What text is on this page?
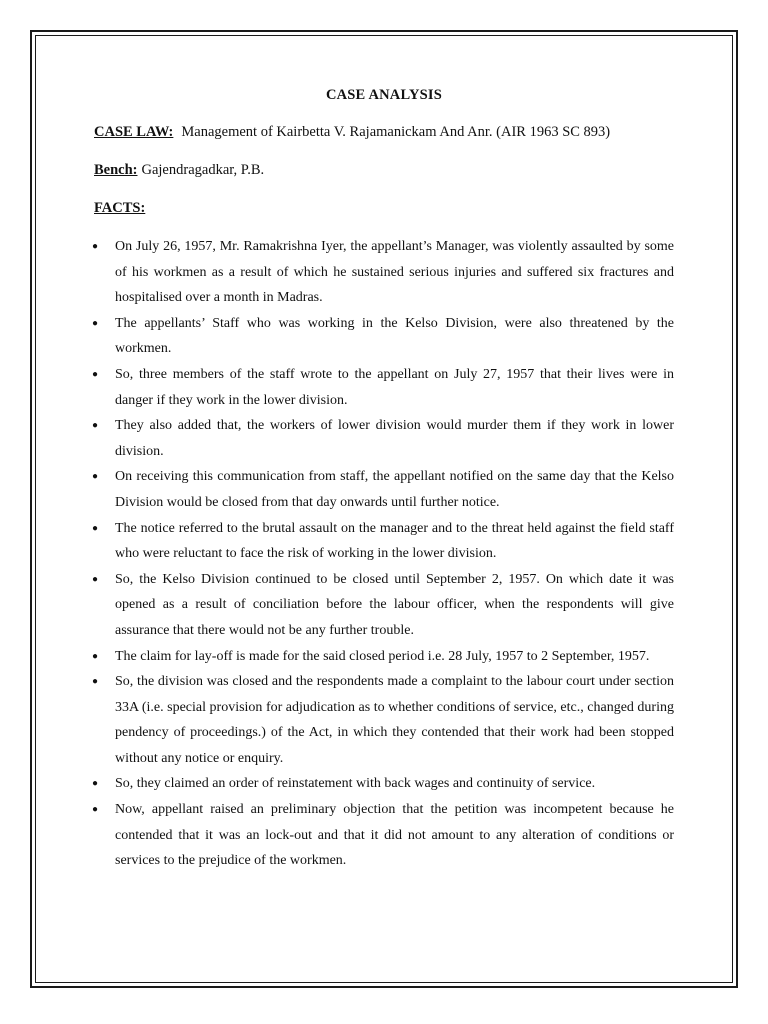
CASE ANALYSIS
CASE LAW: Management of Kairbetta V. Rajamanickam And Anr. (AIR 1963 SC 893)
Bench: Gajendragadkar, P.B.
FACTS:
● On July 26, 1957, Mr. Ramakrishna Iyer, the appellant’s Manager, was violently assaulted by some of his workmen as a result of which he sustained serious injuries and suffered six fractures and hospitalised over a month in Madras.
● The appellants’ Staff who was working in the Kelso Division, were also threatened by the workmen.
● So, three members of the staff wrote to the appellant on July 27, 1957 that their lives were in danger if they work in the lower division.
● They also added that, the workers of lower division would murder them if they work in lower division.
● On receiving this communication from staff, the appellant notified on the same day that the Kelso Division would be closed from that day onwards until further notice.
● The notice referred to the brutal assault on the manager and to the threat held against the field staff who were reluctant to face the risk of working in the lower division.
● So, the Kelso Division continued to be closed until September 2, 1957. On which date it was opened as a result of conciliation before the labour officer, when the respondents will give assurance that there would not be any further trouble.
● The claim for lay-off is made for the said closed period i.e. 28 July, 1957 to 2 September, 1957.
● So, the division was closed and the respondents made a complaint to the labour court under section 33A (i.e. special provision for adjudication as to whether conditions of service, etc., changed during pendency of proceedings.) of the Act, in which they contended that their work had been stopped without any notice or enquiry.
● So, they claimed an order of reinstatement with back wages and continuity of service.
● Now, appellant raised an preliminary objection that the petition was incompetent because he contended that it was an lock-out and that it did not amount to any alteration of conditions or services to the prejudice of the workmen.
